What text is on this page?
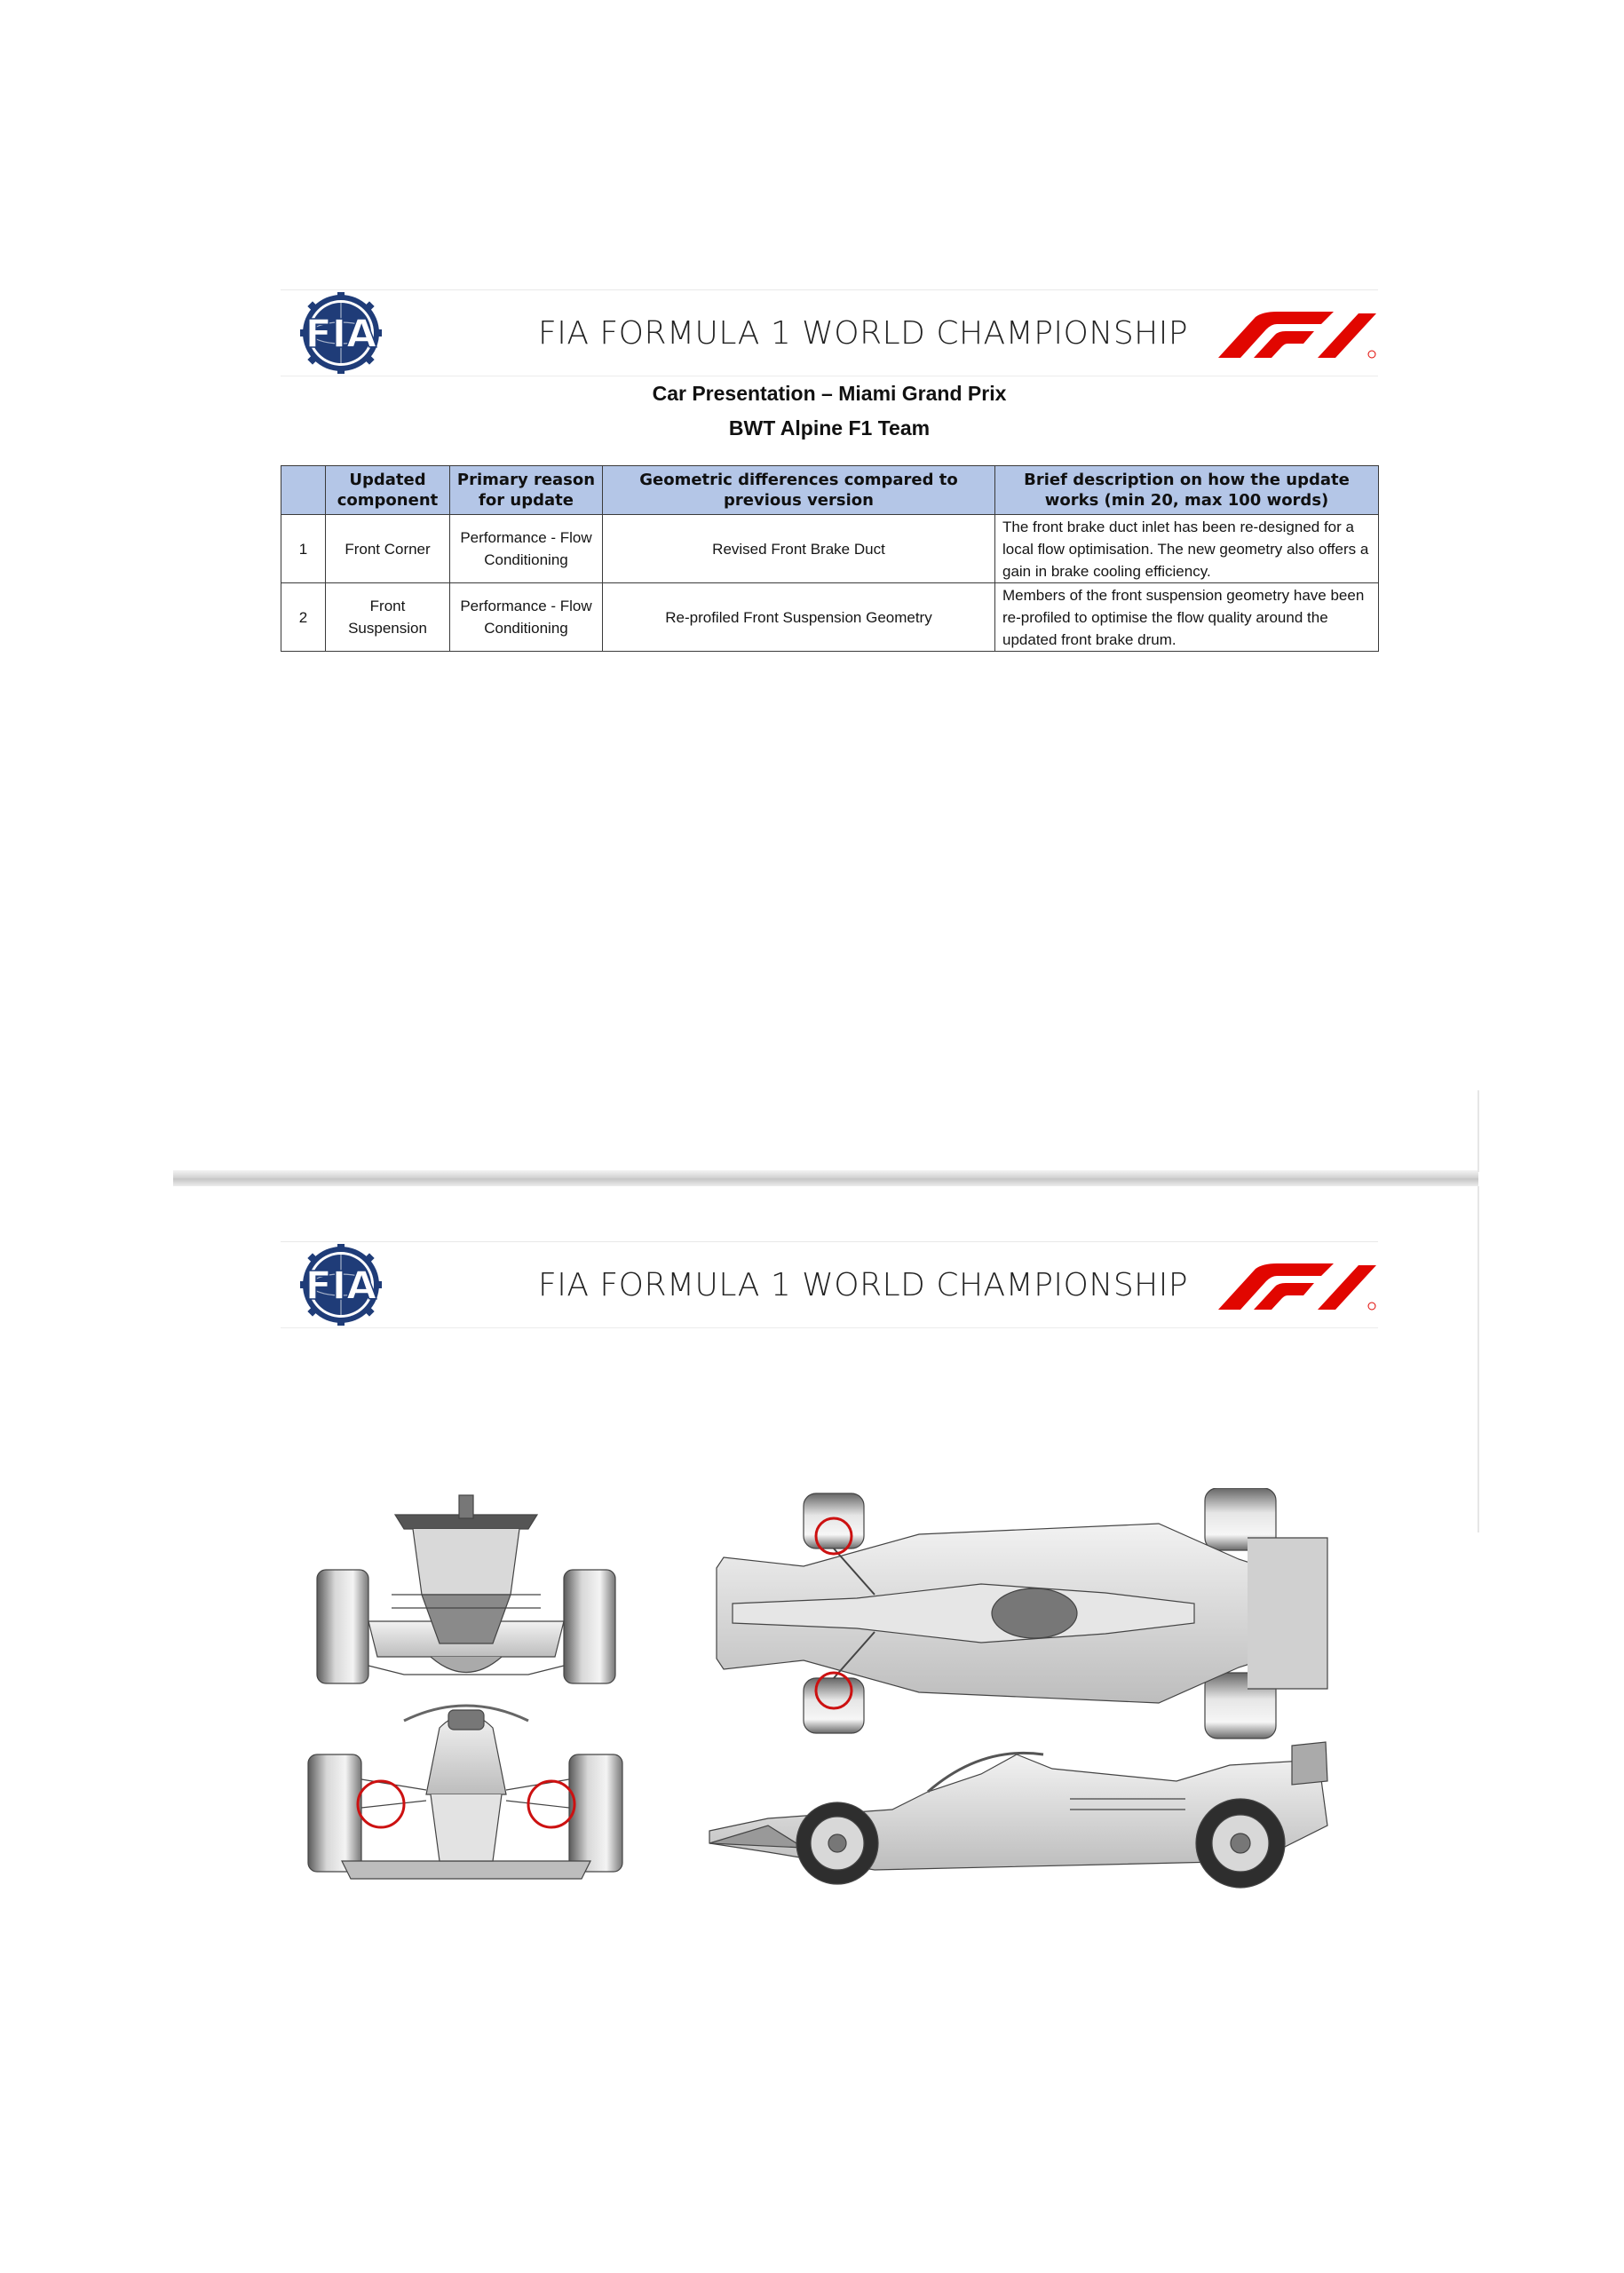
FIA	FIA FORMULA 1 WORLD CHAMPIONSHIP
Car Presentation – Miami Grand Prix
BWT Alpine F1 Team
	Updated component	Primary reason for update	Geometric differences compared to previous version	Brief description on how the update works (min 20, max 100 words)
1	Front Corner	Performance - Flow Conditioning	Revised Front Brake Duct	The front brake duct inlet has been re-designed for a local flow optimisation. The new geometry also offers a gain in brake cooling efficiency.
2	Front Suspension	Performance - Flow Conditioning	Re-profiled Front Suspension Geometry	Members of the front suspension geometry have been re-profiled to optimise the flow quality around the updated front brake drum.
FIA	FIA FORMULA 1 WORLD CHAMPIONSHIP
